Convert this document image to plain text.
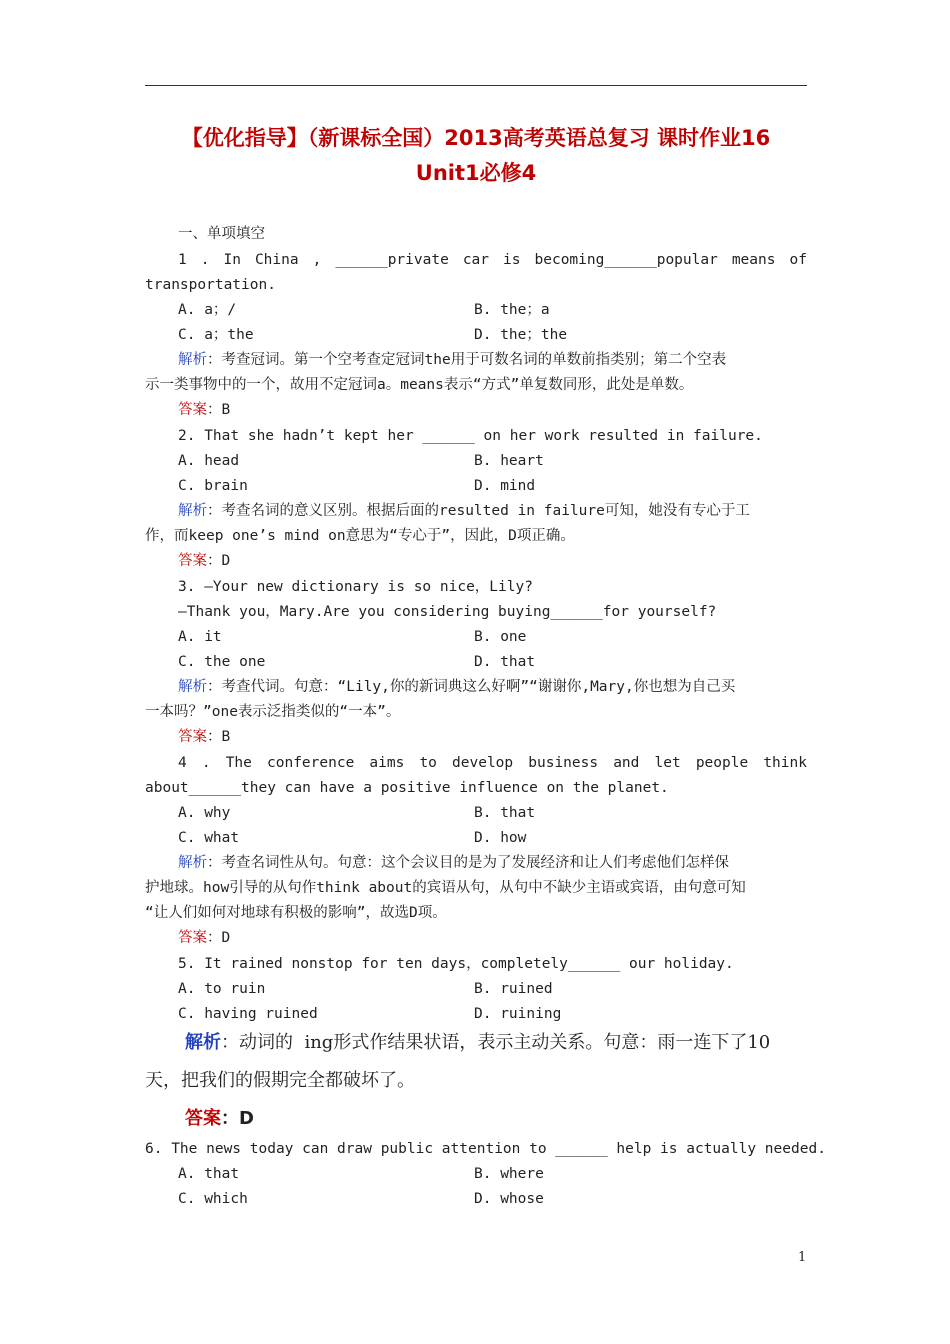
【优化指导】（新课标全国）2013高考英语总复习 课时作业16
Unit1必修4
一、单项填空
1 . In China , ______private car is becoming______popular means of
transportation.
A. a；/	B. the；a
C. a；the	D. the；the
解析：考查冠词。第一个空考查定冠词the用于可数名词的单数前指类别；第二个空表
示一类事物中的一个，故用不定冠词a。means表示“方式”单复数同形，此处是单数。
答案：B
2. That she hadn’t kept her ______ on her work resulted in failure.
A. head	B. heart
C. brain	D. mind
解析：考查名词的意义区别。根据后面的resulted in failure可知，她没有专心于工
作，而keep one’s mind on意思为“专心于”，因此，D项正确。
答案：D
3. —Your new dictionary is so nice，Lily?
—Thank you，Mary.Are you considering buying______for yourself?
A. it	B. one
C. the one	D. that
解析：考查代词。句意：“Lily,你的新词典这么好啊”“谢谢你,Mary,你也想为自己买
一本吗？”one表示泛指类似的“一本”。
答案：B
4 . The conference aims to develop business and let people think
about______they can have a positive influence on the planet.
A. why	B. that
C. what	D. how
解析：考查名词性从句。句意：这个会议目的是为了发展经济和让人们考虑他们怎样保
护地球。how引导的从句作think about的宾语从句，从句中不缺少主语或宾语，由句意可知
“让人们如何对地球有积极的影响”，故选D项。
答案：D
5. It rained nonstop for ten days，completely______ our holiday.
A. to ruin	B. ruined
C. having ruined	D. ruining
解析：动词的  ing形式作结果状语，表示主动关系。句意：雨一连下了10
天，把我们的假期完全都破坏了。
答案：D
6. The news today can draw public attention to ______ help is actually needed.
A. that	B. where
C. which	D. whose
1
